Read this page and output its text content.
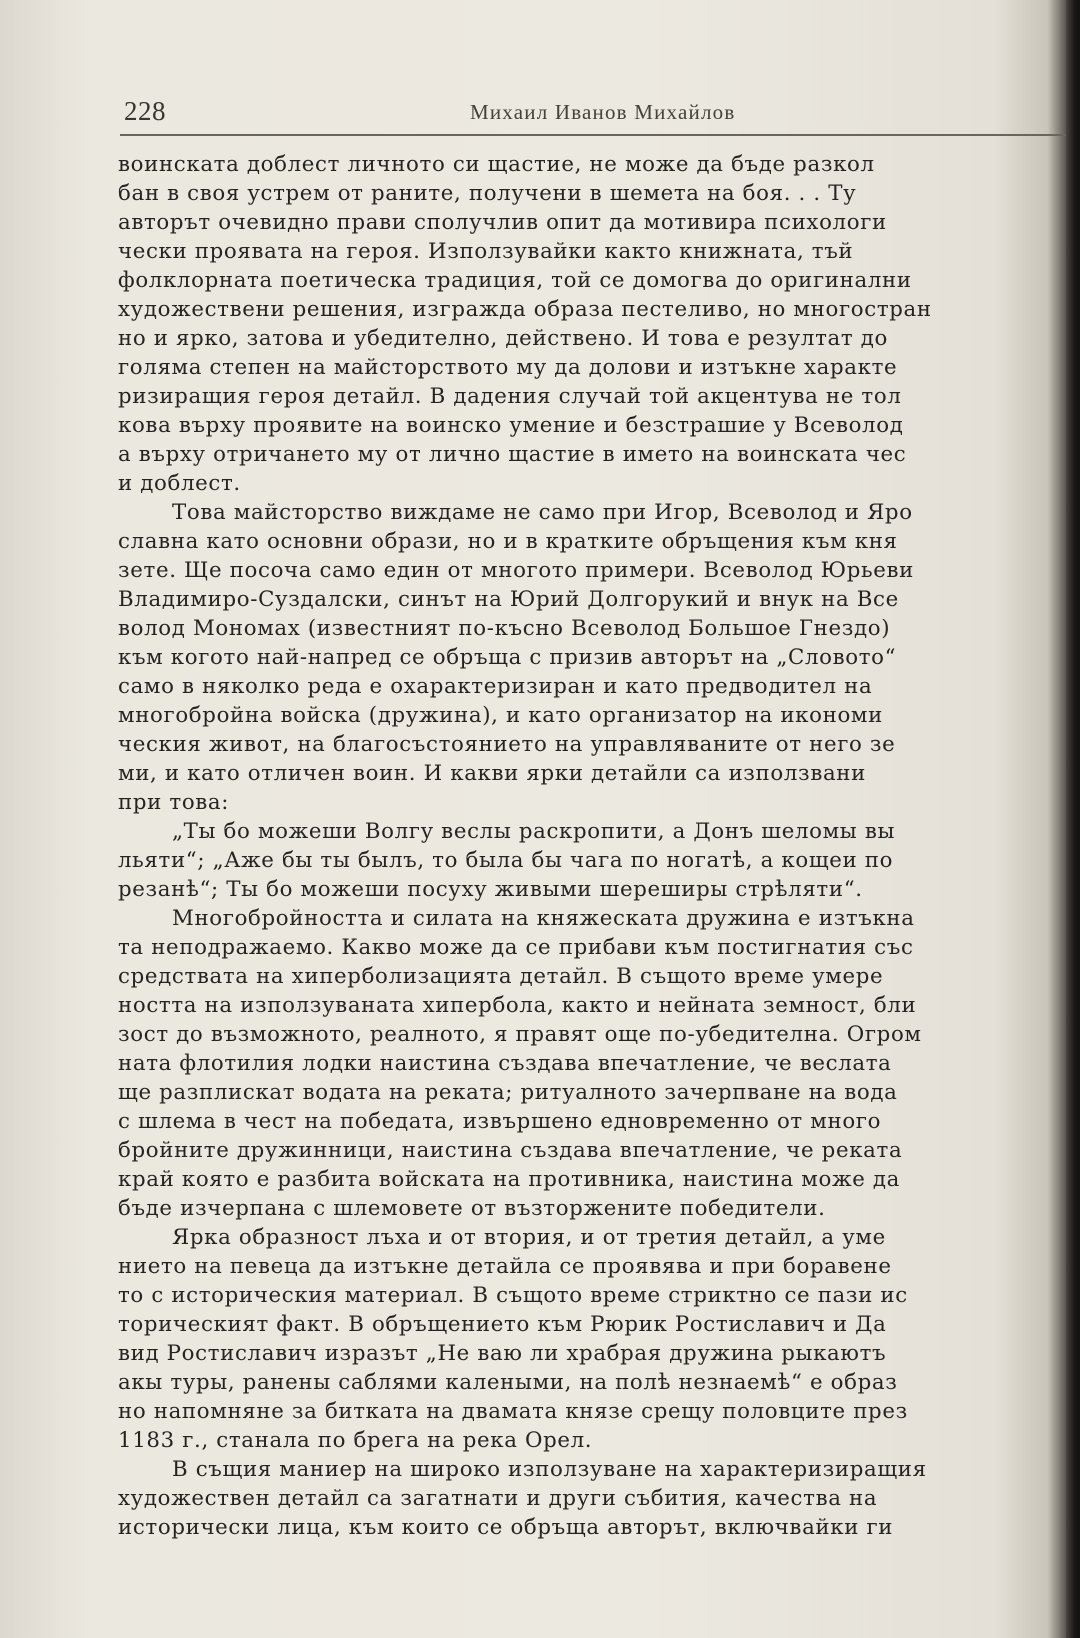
228	Михаил Иванов Михайлов
воинската доблест личното си щастие, не може да бъде разкол
бан в своя устрем от раните, получени в шемета на боя. . . Ту
авторът очевидно прави сполучлив опит да мотивира психологи
чески проявата на героя. Използувайки както книжната, тъй
фолклорната поетическа традиция, той се домогва до оригинални
художествени решения, изгражда образа пестеливо, но многостран
но и ярко, затова и убедително, действено. И това е резултат до
голяма степен на майсторството му да долови и изтъкне характе
ризиращия героя детайл. В дадения случай той акцентува не тол
кова върху проявите на воинско умение и безстрашие у Всеволод
а върху отричането му от лично щастие в името на воинската чес
и доблест.
Това майсторство виждаме не само при Игор, Всеволод и Яро
славна като основни образи, но и в кратките обръщения към кня
зете. Ще посоча само един от многото примери. Всеволод Юрьеви
Владимиро-Суздалски, синът на Юрий Долгорукий и внук на Все
волод Мономах (известният по-късно Всеволод Большое Гнездо)
към когото най-напред се обръща с призив авторът на „Словото“
само в няколко реда е охарактеризиран и като предводител на
многобройна войска (дружина), и като организатор на икономи
ческия живот, на благосъстоянието на управляваните от него зе
ми, и като отличен воин. И какви ярки детайли са използвани
при това:
„Ты бо можеши Волгу веслы раскропити, а Донъ шеломы вы
льяти“; „Аже бы ты былъ, то была бы чага по ногатѣ, а кощеи по
резанѣ“; Ты бо можеши посуху живыми шереширы стрѣляти“.
Многобройността и силата на княжеската дружина е изтъкна
та неподражаемо. Какво може да се прибави към постигнатия със
средствата на хиперболизацията детайл. В същото време умере
ността на използуваната хипербола, както и нейната земност, бли
зост до възможното, реалното, я правят още по-убедителна. Огром
ната флотилия лодки наистина създава впечатление, че веслата
ще разплискат водата на реката; ритуалното зачерпване на вода
с шлема в чест на победата, извършено едновременно от много
бройните дружинници, наистина създава впечатление, че реката
край която е разбита войската на противника, наистина може да
бъде изчерпана с шлемовете от възторжените победители.
Ярка образност лъха и от втория, и от третия детайл, а уме
нието на певеца да изтъкне детайла се проявява и при боравене
то с историческия материал. В същото време стриктно се пази ис
торическият факт. В обръщението към Рюрик Ростиславич и Да
вид Ростиславич изразът „Не ваю ли храбрая дружина рыкаютъ
акы туры, ранены саблями калеными, на полѣ незнаемѣ“ е образ
но напомняне за битката на двамата князе срещу половците през
1183 г., станала по брега на река Орел.
В същия маниер на широко използуване на характеризиращия
художествен детайл са загатнати и други събития, качества на
исторически лица, към които се обръща авторът, включвайки ги
